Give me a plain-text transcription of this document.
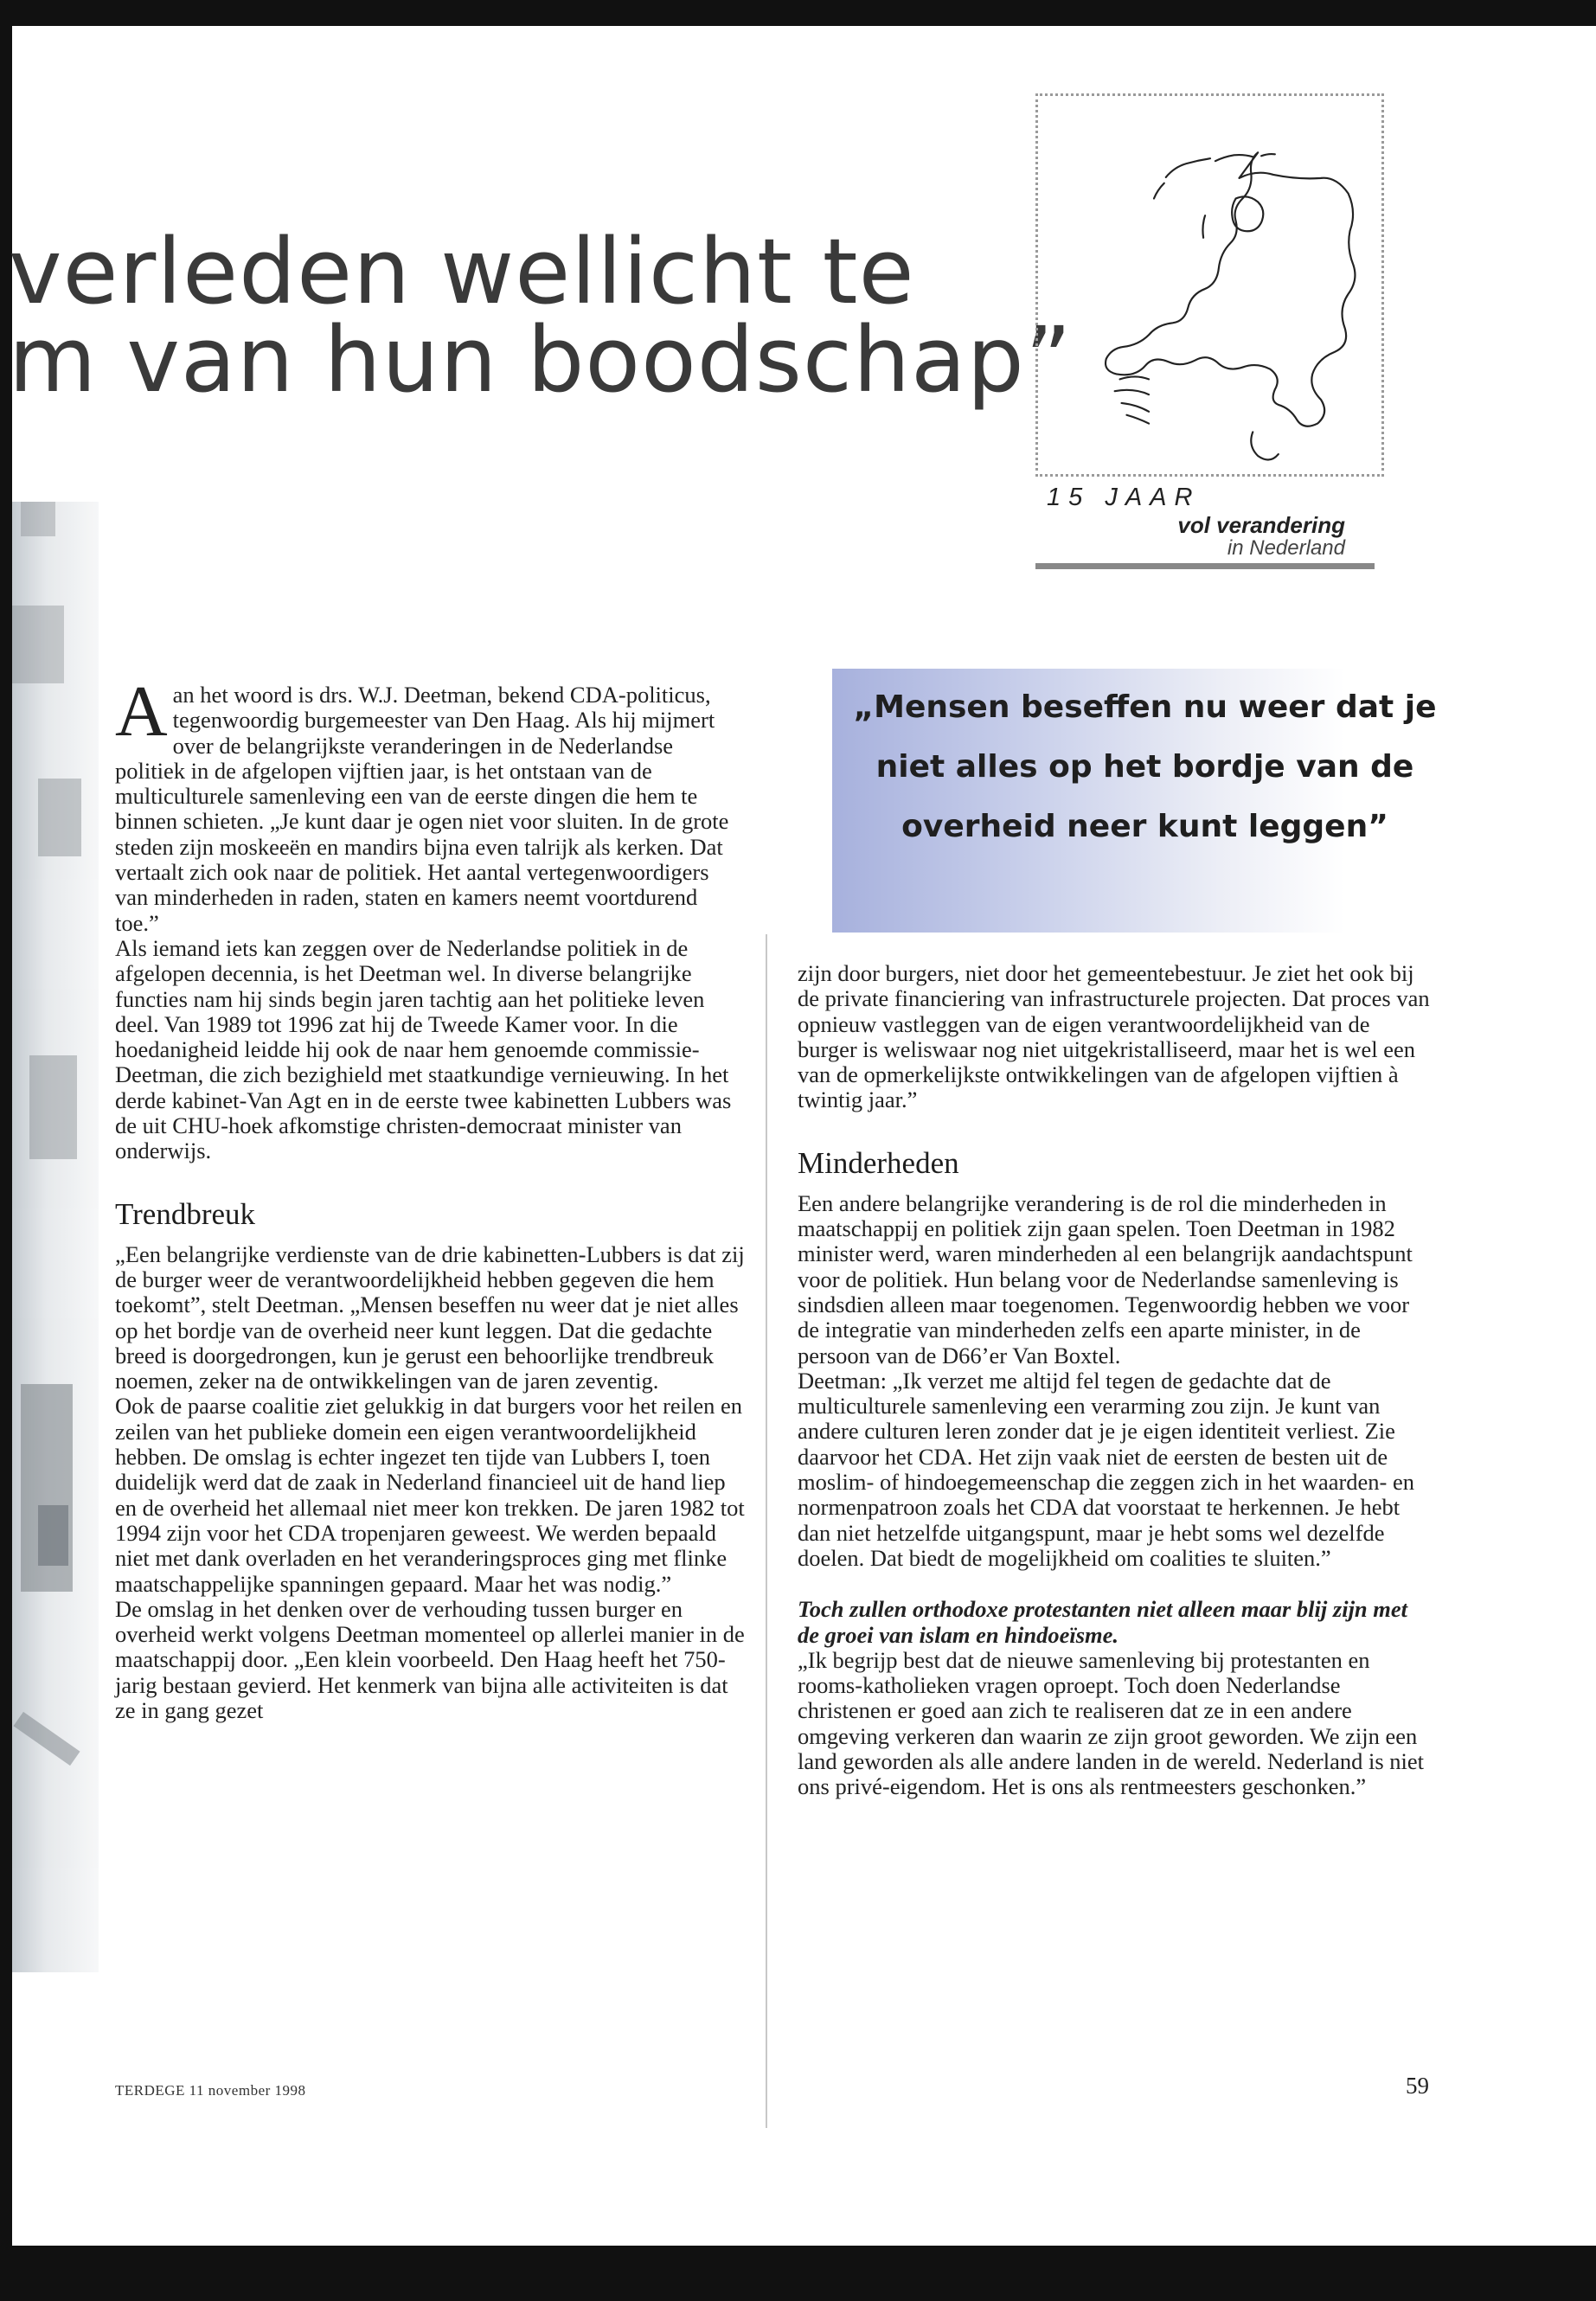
verleden wellicht te
m van hun boodschap”
15 JAAR
vol verandering
in Nederland
„Mensen beseffen nu weer dat je niet alles op het bordje van de overheid neer kunt leggen”
A an het woord is drs. W.J. Deetman, bekend CDA-politicus, tegenwoordig burgemeester van Den Haag. Als hij mijmert over de belangrijkste veranderingen in de Nederlandse politiek in de afgelopen vijftien jaar, is het ontstaan van de multiculturele samenleving een van de eerste dingen die hem te binnen schieten. „Je kunt daar je ogen niet voor sluiten. In de grote steden zijn moskeeën en mandirs bijna even talrijk als kerken. Dat vertaalt zich ook naar de politiek. Het aantal vertegenwoordigers van minderheden in raden, staten en kamers neemt voortdurend toe.”

Als iemand iets kan zeggen over de Nederlandse politiek in de afgelopen decennia, is het Deetman wel. In diverse belangrijke functies nam hij sinds begin jaren tachtig aan het politieke leven deel. Van 1989 tot 1996 zat hij de Tweede Kamer voor. In die hoedanigheid leidde hij ook de naar hem genoemde commissie-Deetman, die zich bezighield met staatkundige vernieuwing. In het derde kabinet-Van Agt en in de eerste twee kabinetten Lubbers was de uit CHU-hoek afkomstige christen-democraat minister van onderwijs.

Trendbreuk

„Een belangrijke verdienste van de drie kabinetten-Lubbers is dat zij de burger weer de verantwoordelijkheid hebben gegeven die hem toekomt”, stelt Deetman. „Mensen beseffen nu weer dat je niet alles op het bordje van de overheid neer kunt leggen. Dat die gedachte breed is doorgedrongen, kun je gerust een behoorlijke trendbreuk noemen, zeker na de ontwikkelingen van de jaren zeventig.

Ook de paarse coalitie ziet gelukkig in dat burgers voor het reilen en zeilen van het publieke domein een eigen verantwoordelijkheid hebben. De omslag is echter ingezet ten tijde van Lubbers I, toen duidelijk werd dat de zaak in Nederland financieel uit de hand liep en de overheid het allemaal niet meer kon trekken. De jaren 1982 tot 1994 zijn voor het CDA tropenjaren geweest. We werden bepaald niet met dank overladen en het veranderingsproces ging met flinke maatschappelijke spanningen gepaard. Maar het was nodig.”

De omslag in het denken over de verhouding tussen burger en overheid werkt volgens Deetman momenteel op allerlei manier in de maatschappij door. „Een klein voorbeeld. Den Haag heeft het 750-jarig bestaan gevierd. Het kenmerk van bijna alle activiteiten is dat ze in gang gezet

zijn door burgers, niet door het gemeentebestuur. Je ziet het ook bij de private financiering van infrastructurele projecten. Dat proces van opnieuw vastleggen van de eigen verantwoordelijkheid van de burger is weliswaar nog niet uitgekristalliseerd, maar het is wel een van de opmerkelijkste ontwikkelingen van de afgelopen vijftien à twintig jaar.”

Minderheden

Een andere belangrijke verandering is de rol die minderheden in maatschappij en politiek zijn gaan spelen. Toen Deetman in 1982 minister werd, waren minderheden al een belangrijk aandachtspunt voor de politiek. Hun belang voor de Nederlandse samenleving is sindsdien alleen maar toegenomen. Tegenwoordig hebben we voor de integratie van minderheden zelfs een aparte minister, in de persoon van de D66’er Van Boxtel.

Deetman: „Ik verzet me altijd fel tegen de gedachte dat de multiculturele samenleving een verarming zou zijn. Je kunt van andere culturen leren zonder dat je je eigen identiteit verliest. Zie daarvoor het CDA. Het zijn vaak niet de eersten de besten uit de moslim- of hindoegemeenschap die zeggen zich in het waarden- en normenpatroon zoals het CDA dat voorstaat te herkennen. Je hebt dan niet hetzelfde uitgangspunt, maar je hebt soms wel dezelfde doelen. Dat biedt de mogelijkheid om coalities te sluiten.”

Toch zullen orthodoxe protestanten niet alleen maar blij zijn met de groei van islam en hindoeïsme.

„Ik begrijp best dat de nieuwe samenleving bij protestanten en rooms-katholieken vragen oproept. Toch doen Nederlandse christenen er goed aan zich te realiseren dat ze in een andere omgeving verkeren dan waarin ze zijn groot geworden. We zijn een land geworden als alle andere landen in de wereld. Nederland is niet ons privé-eigendom. Het is ons als rentmeesters geschonken.”

TERDEGE 11 november 1998	59
